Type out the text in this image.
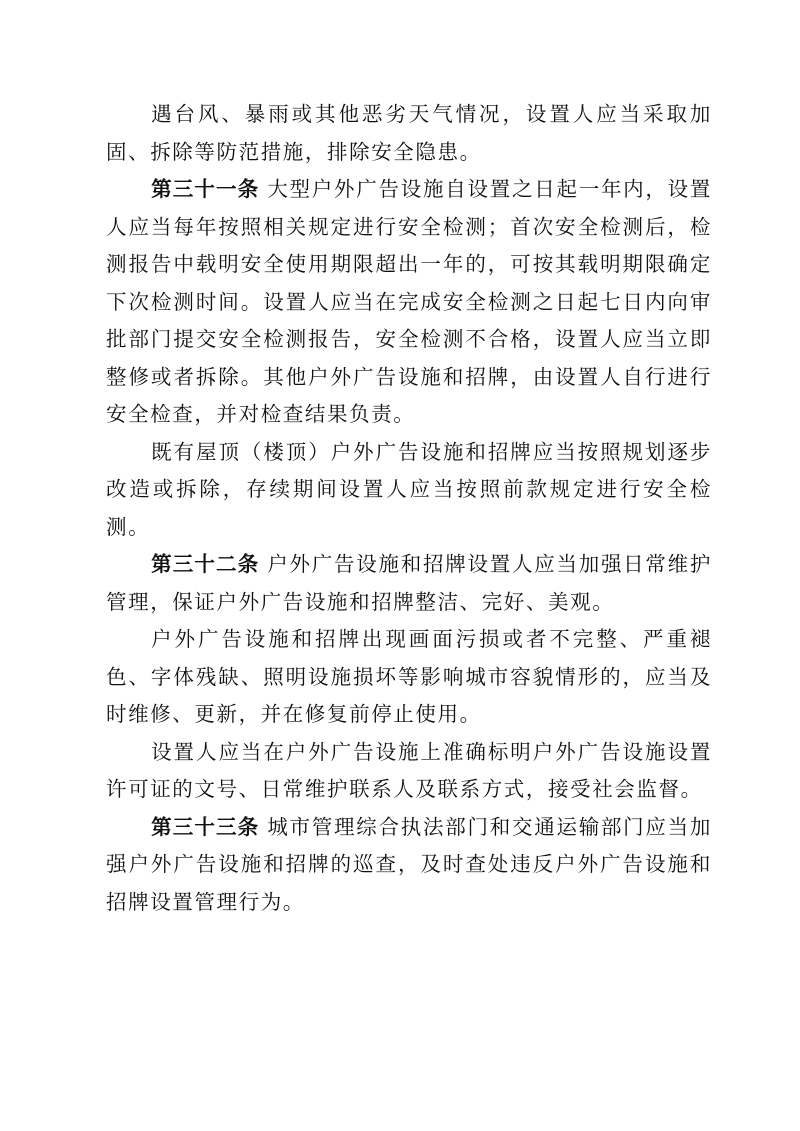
遇台风、暴雨或其他恶劣天气情况，设置人应当采取加固、拆除等防范措施，排除安全隐患。

第三十一条 大型户外广告设施自设置之日起一年内，设置人应当每年按照相关规定进行安全检测；首次安全检测后，检测报告中载明安全使用期限超出一年的，可按其载明期限确定下次检测时间。设置人应当在完成安全检测之日起七日内向审批部门提交安全检测报告，安全检测不合格，设置人应当立即整修或者拆除。其他户外广告设施和招牌，由设置人自行进行安全检查，并对检查结果负责。

既有屋顶（楼顶）户外广告设施和招牌应当按照规划逐步改造或拆除，存续期间设置人应当按照前款规定进行安全检测。

第三十二条 户外广告设施和招牌设置人应当加强日常维护管理，保证户外广告设施和招牌整洁、完好、美观。

户外广告设施和招牌出现画面污损或者不完整、严重褪色、字体残缺、照明设施损坏等影响城市容貌情形的，应当及时维修、更新，并在修复前停止使用。

设置人应当在户外广告设施上准确标明户外广告设施设置许可证的文号、日常维护联系人及联系方式，接受社会监督。

第三十三条 城市管理综合执法部门和交通运输部门应当加强户外广告设施和招牌的巡查，及时查处违反户外广告设施和招牌设置管理行为。
